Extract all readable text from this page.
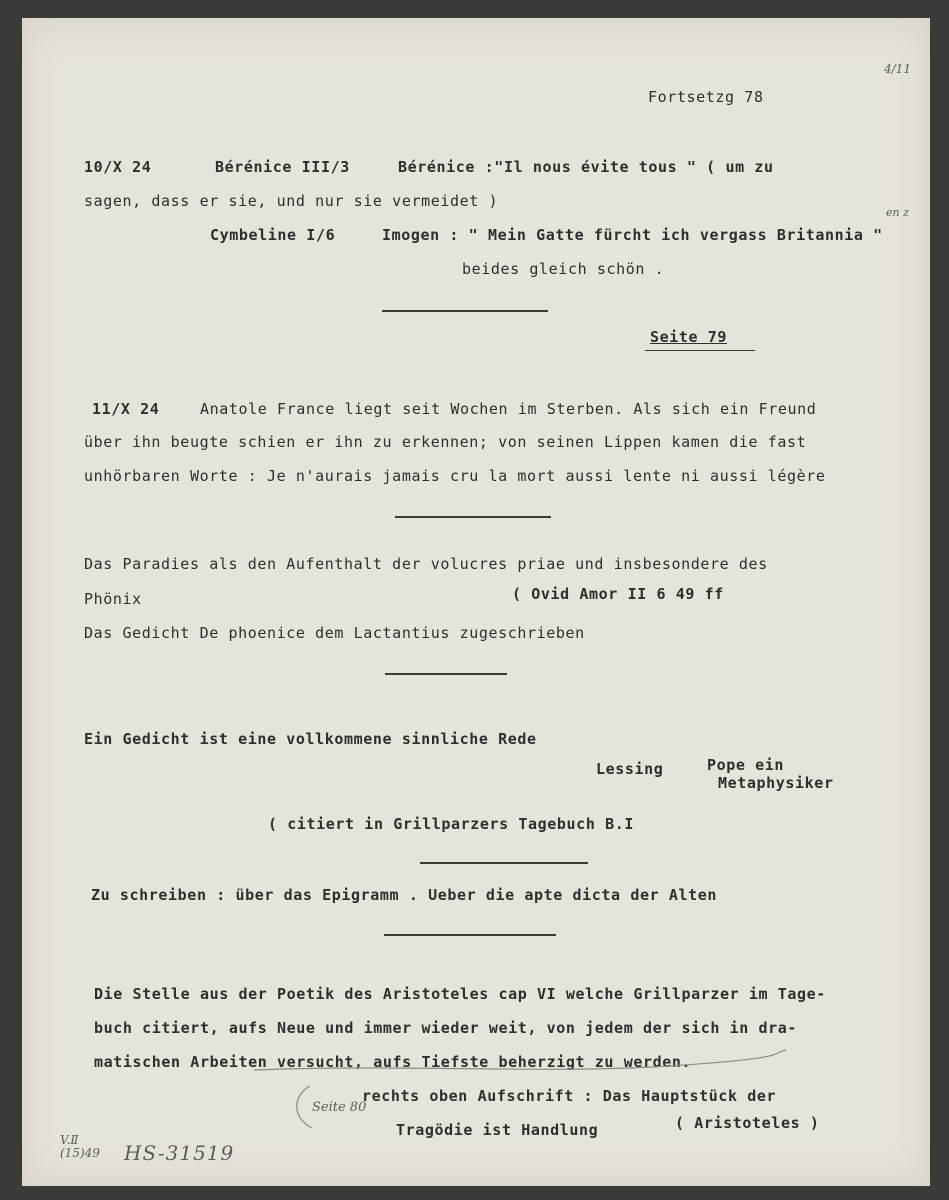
Fortsetzg 78
4/11
10/X 24	Bérénice III/3	Bérénice :"Il nous évite tous " ( um zu
sagen, dass er sie, und nur sie vermeidet )
Cymbeline I/6	Imogen : " Mein Gatte fürcht ich vergass Britannia "
en z
beides gleich schön .
Seite 79
11/X 24	Anatole France liegt seit Wochen im Sterben. Als sich ein Freund
über ihn beugte schien er ihn zu erkennen; von seinen Lippen kamen die fast
unhörbaren Worte : Je n'aurais jamais cru la mort aussi lente ni aussi légère
Das Paradies als den Aufenthalt der volucres priae und insbesondere des
Phönix	( Ovid Amor II 6 49 ff
Das Gedicht De phoenice dem Lactantius zugeschrieben
Ein Gedicht ist eine vollkommene sinnliche Rede
Lessing	Pope ein
Metaphysiker
( citiert in Grillparzers Tagebuch B.I
Zu schreiben : über das Epigramm . Ueber die apte dicta der Alten
Die Stelle aus der Poetik des Aristoteles cap VI welche Grillparzer im Tage-
buch citiert, aufs Neue und immer wieder weit, von jedem der sich in dra-
matischen Arbeiten versucht, aufs Tiefste beherzigt zu werden.
rechts oben Aufschrift : Das Hauptstück der
Tragödie ist Handlung	( Aristoteles )
Seite 80
V.Ⅱ (15)49	HS-31519
